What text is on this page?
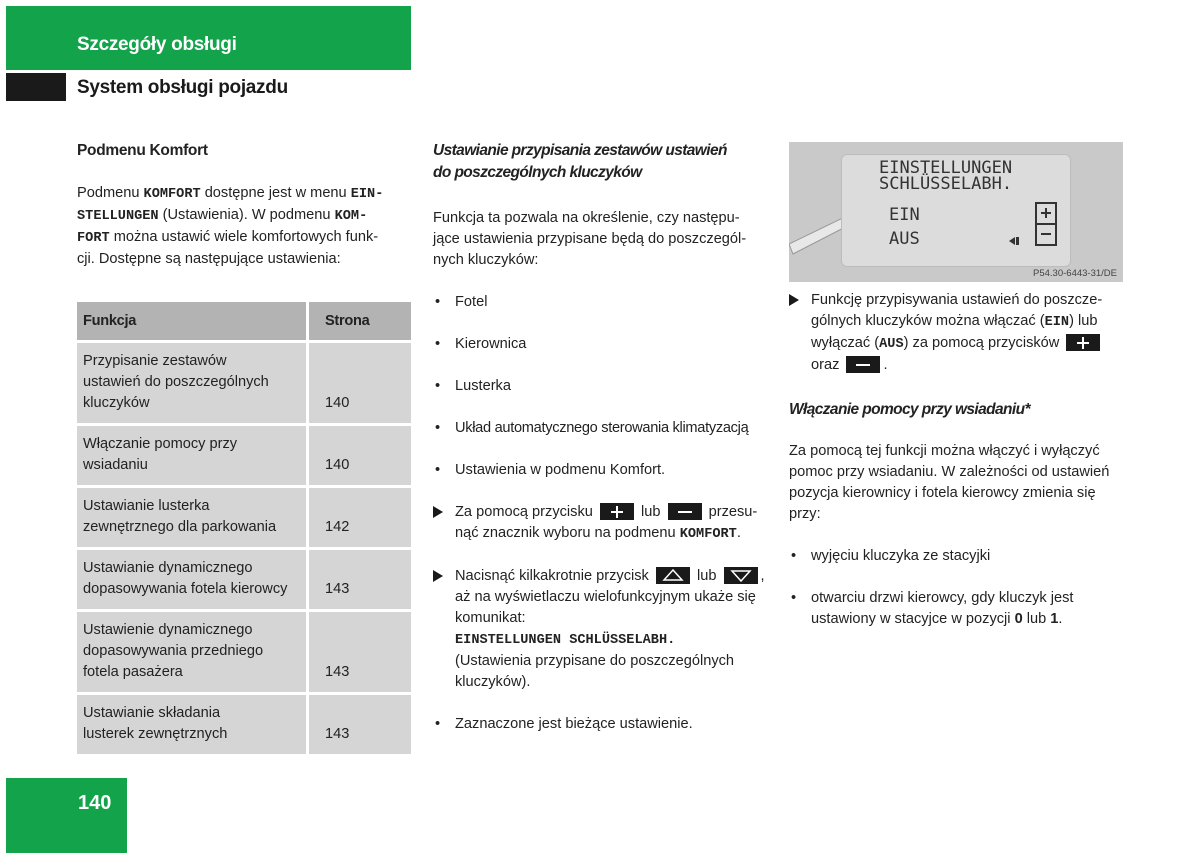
Szczegóły obsługi
System obsługi pojazdu
Podmenu Komfort

Podmenu KOMFORT dostępne jest w menu EIN-
STELLUNGEN (Ustawienia). W podmenu KOM-
FORT można ustawić wiele komfortowych funk-
cji. Dostępne są następujące ustawienia:

Funkcja	Strona
Przypisanie zestawów
ustawień do poszczególnych
kluczyków	140
Włączanie pomocy przy
wsiadaniu	140
Ustawianie lusterka
zewnętrznego dla parkowania	142
Ustawianie dynamicznego
dopasowywania fotela kierowcy	143
Ustawienie dynamicznego
dopasowywania przedniego
fotela pasażera	143
Ustawianie składania
lusterek zewnętrznych	143
Ustawianie przypisania zestawów ustawień
do poszczególnych kluczyków

Funkcja ta pozwala na określenie, czy następu-
jące ustawienia przypisane będą do poszczegól-
nych kluczyków:

• Fotel
• Kierownica
• Lusterka
• Układ automatycznego sterowania klimatyzacją
• Ustawienia w podmenu Komfort.
Za pomocą przycisku	lub	przesu-
nąć znacznik wyboru na podmenu KOMFORT.
Nacisnąć kilkakrotnie przycisk	lub	,
aż na wyświetlaczu wielofunkcyjnym ukaże się
komunikat:
EINSTELLUNGEN SCHLÜSSELABH.
(Ustawienia przypisane do poszczególnych
kluczyków).
• Zaznaczone jest bieżące ustawienie.
EINSTELLUNGEN
SCHLÜSSELABH.
EIN
AUS
P54.30-6443-31/DE
Funkcję przypisywania ustawień do poszcze-
gólnych kluczyków można włączać (EIN) lub
wyłączać (AUS) za pomocą przycisków
oraz	.
Włączanie pomocy przy wsiadaniu*

Za pomocą tej funkcji można włączyć i wyłączyć
pomoc przy wsiadaniu. W zależności od ustawień
pozycja kierownicy i fotela kierowcy zmienia się
przy:

• wyjęciu kluczyka ze stacyjki
• otwarciu drzwi kierowcy, gdy kluczyk jest
ustawiony w stacyjce w pozycji 0 lub 1.
140
